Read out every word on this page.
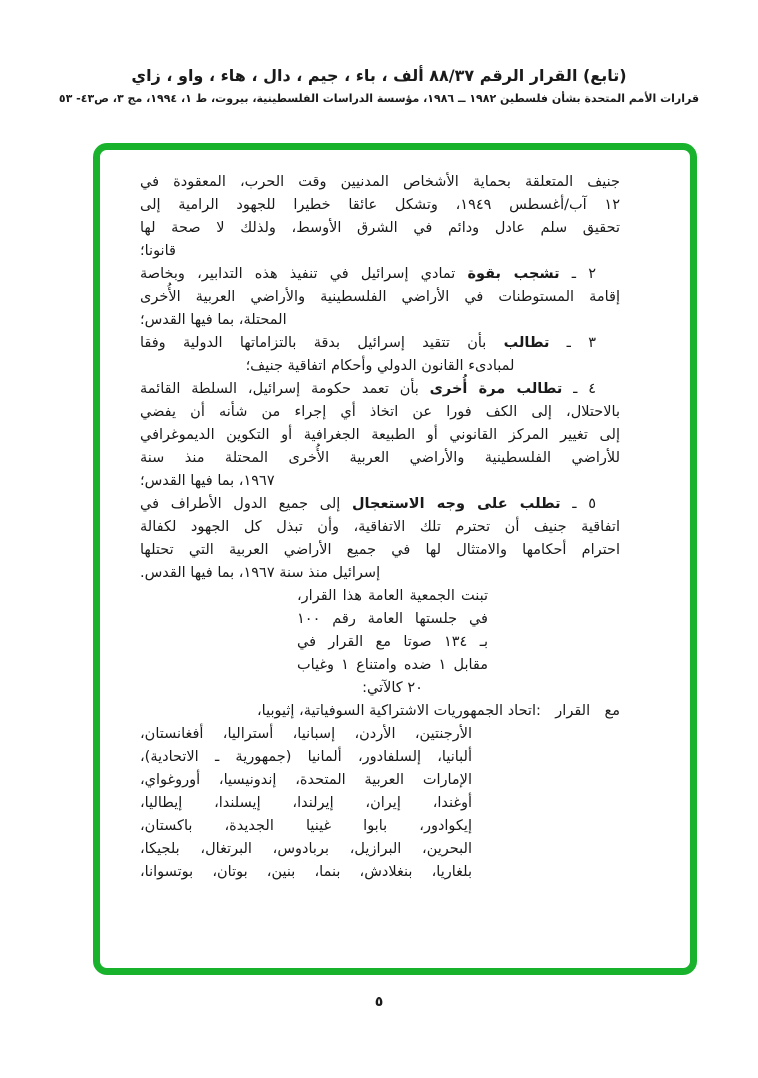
(تابع) القرار الرقم ٨٨/٣٧ ألف ، باء ، جيم ، دال ، هاء ، واو ، زاي
قرارات الأمم المتحدة بشأن فلسطين ١٩٨٢ ــ ١٩٨٦، مؤسسة الدراسات الفلسطينية، بيروت، ط ١، ١٩٩٤، مج ٣، ص٤٣- ٥٣
جنيف المتعلقة بحماية الأشخاص المدنيين وقت الحرب، المعقودة في
١٢ آب/أغسطس ١٩٤٩، وتشكل عائقا خطيرا للجهود الرامية إلى
تحقيق سلم عادل ودائم في الشرق الأوسط، ولذلك لا صحة لها
قانونا؛
٢ ـ تشجب بقوة تمادي إسرائيل في تنفيذ هذه التدابير، وبخاصة
إقامة المستوطنات في الأراضي الفلسطينية والأراضي العربية الأُخرى
المحتلة، بما فيها القدس؛
٣ ـ تطالب بأن تتقيد إسرائيل بدقة بالتزاماتها الدولية وفقا
لمبادىء القانون الدولي وأحكام اتفاقية جنيف؛
٤ ـ تطالب مرة أُخرى بأن تعمد حكومة إسرائيل، السلطة القائمة
بالاحتلال، إلى الكف فورا عن اتخاذ أي إجراء من شأنه أن يفضي
إلى تغيير المركز القانوني أو الطبيعة الجغرافية أو التكوين الديموغرافي
للأراضي الفلسطينية والأراضي العربية الأُخرى المحتلة منذ سنة
١٩٦٧، بما فيها القدس؛
٥ ـ تطلب على وجه الاستعجال إلى جميع الدول الأطراف في
اتفاقية جنيف أن تحترم تلك الاتفاقية، وأن تبذل كل الجهود لكفالة
احترام أحكامها والامتثال لها في جميع الأراضي العربية التي تحتلها
إسرائيل منذ سنة ١٩٦٧، بما فيها القدس.
تبنت الجمعية العامة هذا القرار،
في جلستها العامة رقم ١٠٠
بـ ١٣٤ صوتا مع القرار في
مقابل ١ ضده وامتناع ١ وغياب
٢٠ كالآتي:
مع القرار :
اتحاد الجمهوريات الاشتراكية السوفياتية، إثيوبيا،
الأرجنتين، الأردن، إسبانيا، أستراليا، أفغانستان،
ألبانيا، إلسلفادور، ألمانيا (جمهورية ـ الاتحادية)،
الإمارات العربية المتحدة، إندونيسيا، أوروغواي،
أوغندا، إيران، إيرلندا، إيسلندا، إيطاليا،
إيكوادور، بابوا غينيا الجديدة، باكستان،
البحرين، البرازيل، بربادوس، البرتغال، بلجيكا،
بلغاريا، بنغلادش، بنما، بنين، بوتان، بوتسوانا،
٥
